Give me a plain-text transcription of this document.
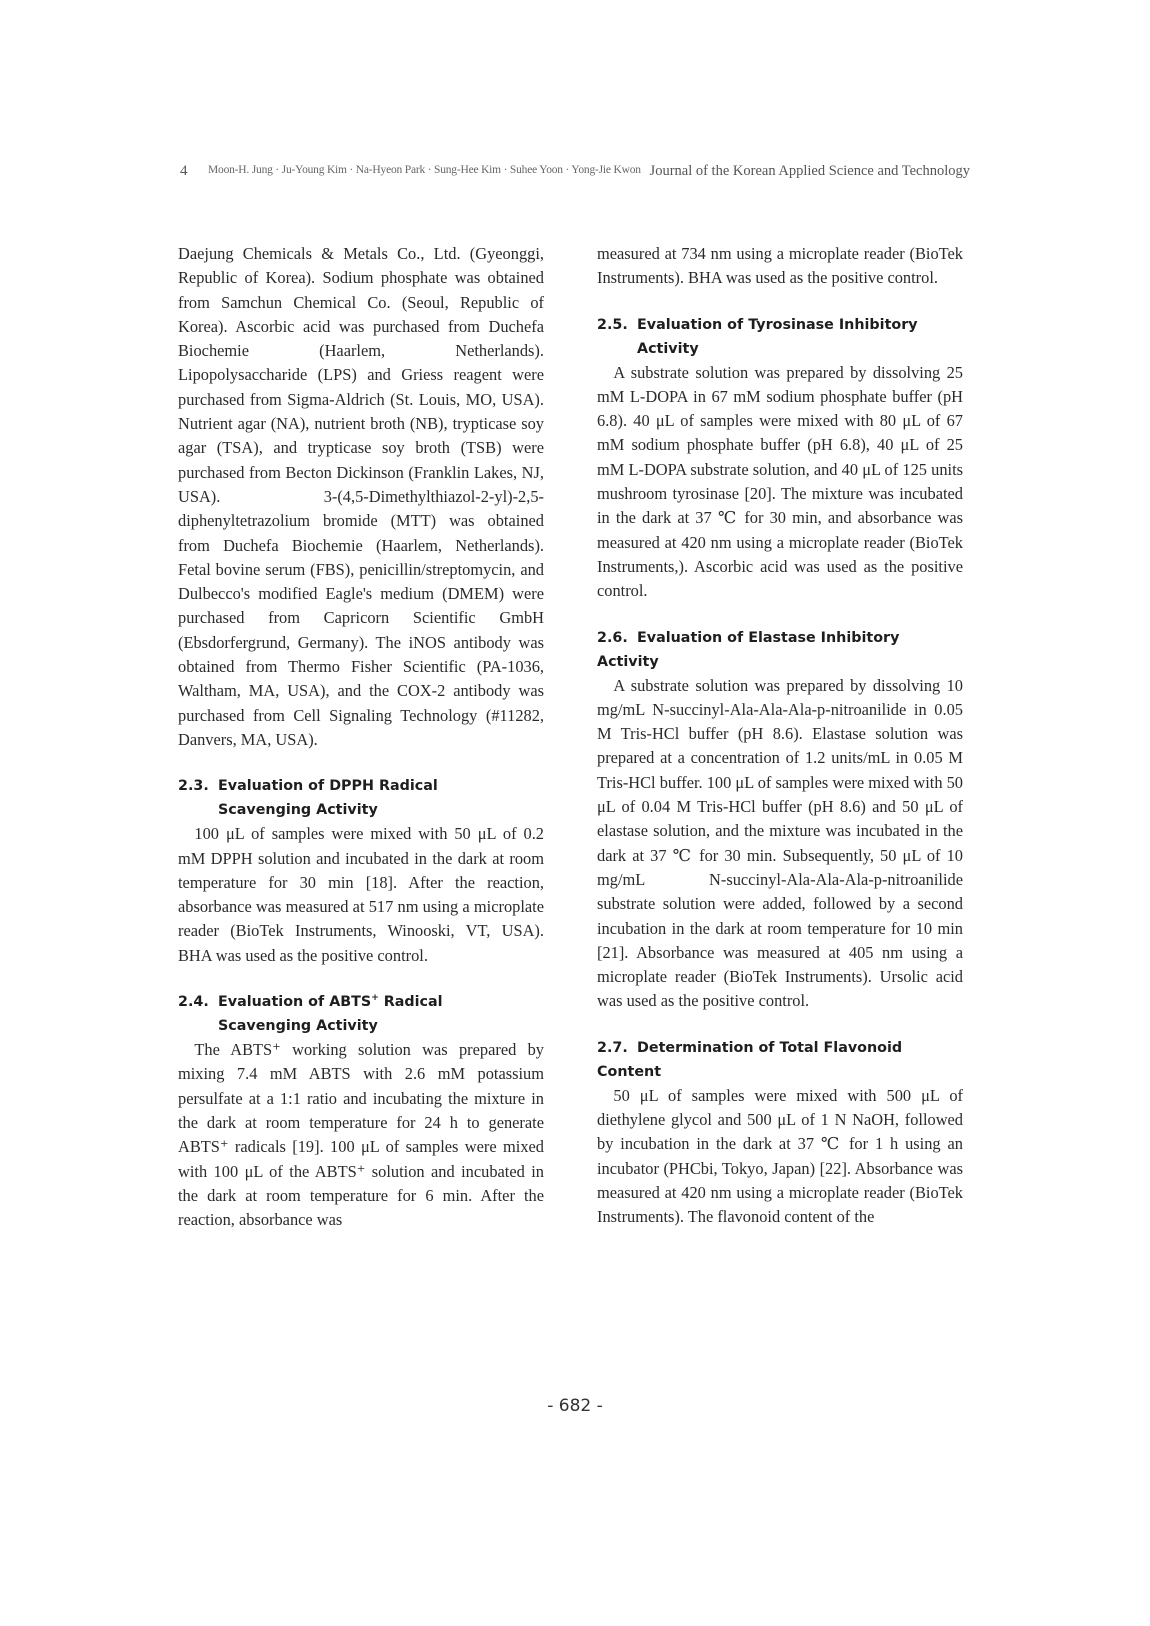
4 Moon-H. Jung · Ju-Young Kim · Na-Hyeon Park · Sung-Hee Kim · Suhee Yoon · Yong-Jie Kwon Journal of the Korean Applied Science and Technology

Daejung Chemicals & Metals Co., Ltd. (Gyeonggi, Republic of Korea). Sodium phosphate was obtained from Samchun Chemical Co. (Seoul, Republic of Korea). Ascorbic acid was purchased from Duchefa Biochemie (Haarlem, Netherlands). Lipopolysaccharide (LPS) and Griess reagent were purchased from Sigma-Aldrich (St. Louis, MO, USA). Nutrient agar (NA), nutrient broth (NB), trypticase soy agar (TSA), and trypticase soy broth (TSB) were purchased from Becton Dickinson (Franklin Lakes, NJ, USA). 3-(4,5-Dimethylthiazol-2-yl)-2,5-diphenyltetrazolium bromide (MTT) was obtained from Duchefa Biochemie (Haarlem, Netherlands). Fetal bovine serum (FBS), penicillin/streptomycin, and Dulbecco's modified Eagle's medium (DMEM) were purchased from Capricorn Scientific GmbH (Ebsdorfergrund, Germany). The iNOS antibody was obtained from Thermo Fisher Scientific (PA-1036, Waltham, MA, USA), and the COX-2 antibody was purchased from Cell Signaling Technology (#11282, Danvers, MA, USA).

2.3. Evaluation of DPPH Radical
Scavenging Activity

100 μL of samples were mixed with 50 μL of 0.2 mM DPPH solution and incubated in the dark at room temperature for 30 min [18]. After the reaction, absorbance was measured at 517 nm using a microplate reader (BioTek Instruments, Winooski, VT, USA). BHA was used as the positive control.

2.4. Evaluation of ABTS+ Radical
Scavenging Activity

The ABTS⁺ working solution was prepared by mixing 7.4 mM ABTS with 2.6 mM potassium persulfate at a 1:1 ratio and incubating the mixture in the dark at room temperature for 24 h to generate ABTS⁺ radicals [19]. 100 μL of samples were mixed with 100 μL of the ABTS⁺ solution and incubated in the dark at room temperature for 6 min. After the reaction, absorbance was

measured at 734 nm using a microplate reader (BioTek Instruments). BHA was used as the positive control.

2.5. Evaluation of Tyrosinase Inhibitory
Activity

A substrate solution was prepared by dissolving 25 mM L-DOPA in 67 mM sodium phosphate buffer (pH 6.8). 40 μL of samples were mixed with 80 μL of 67 mM sodium phosphate buffer (pH 6.8), 40 μL of 25 mM L-DOPA substrate solution, and 40 μL of 125 units mushroom tyrosinase [20]. The mixture was incubated in the dark at 37 ℃ for 30 min, and absorbance was measured at 420 nm using a microplate reader (BioTek Instruments,). Ascorbic acid was used as the positive control.

2.6. Evaluation of Elastase Inhibitory Activity

A substrate solution was prepared by dissolving 10 mg/mL N-succinyl-Ala-Ala-Ala-p-nitroanilide in 0.05 M Tris-HCl buffer (pH 8.6). Elastase solution was prepared at a concentration of 1.2 units/mL in 0.05 M Tris-HCl buffer. 100 μL of samples were mixed with 50 μL of 0.04 M Tris-HCl buffer (pH 8.6) and 50 μL of elastase solution, and the mixture was incubated in the dark at 37 ℃ for 30 min. Subsequently, 50 μL of 10 mg/mL N-succinyl-Ala-Ala-Ala-p-nitroanilide substrate solution were added, followed by a second incubation in the dark at room temperature for 10 min [21]. Absorbance was measured at 405 nm using a microplate reader (BioTek Instruments). Ursolic acid was used as the positive control.

2.7. Determination of Total Flavonoid Content

50 μL of samples were mixed with 500 μL of diethylene glycol and 500 μL of 1 N NaOH, followed by incubation in the dark at 37 ℃ for 1 h using an incubator (PHCbi, Tokyo, Japan) [22]. Absorbance was measured at 420 nm using a microplate reader (BioTek Instruments). The flavonoid content of the

- 682 -
